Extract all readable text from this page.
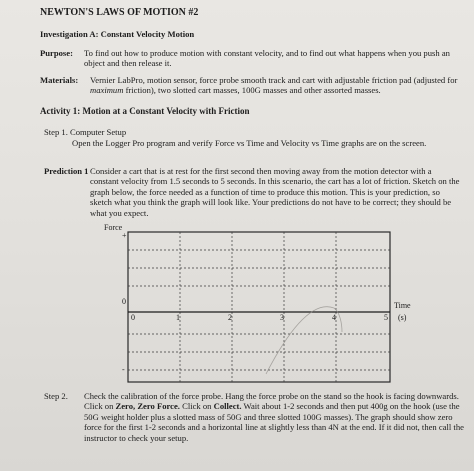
NEWTON'S LAWS OF MOTION #2
Investigation A: Constant Velocity Motion
Purpose: To find out how to produce motion with constant velocity, and to find out what happens when you push an object and then release it.
Materials: Vernier LabPro, motion sensor, force probe smooth track and cart with adjustable friction pad (adjusted for maximum friction), two slotted cart masses, 100G masses and other assorted masses.
Activity 1: Motion at a Constant Velocity with Friction
Step 1. Computer Setup
Open the Logger Pro program and verify Force vs Time and Velocity vs Time graphs are on the screen.
Prediction 1 Consider a cart that is at rest for the first second then moving away from the motion detector with a constant velocity from 1.5 seconds to 5 seconds. In this scenario, the cart has a lot of friction. Sketch on the graph below, the force needed as a function of time to produce this motion. This is your prediction, so sketch what you think the graph will look like. Your predictions do not have to be correct; they should be what you expect.
Force
+
0
-
0	1	2	3	4	5
Time
(s)
Step 2. Check the calibration of the force probe. Hang the force probe on the stand so the hook is facing downwards. Click on Zero, Zero Force. Click on Collect. Wait about 1-2 seconds and then put 400g on the hook (use the 50G weight holder plus a slotted mass of 50G and three slotted 100G masses). The graph should show zero force for the first 1-2 seconds and a horizontal line at slightly less than 4N at the end. If it did not, then call the instructor to check your setup.
